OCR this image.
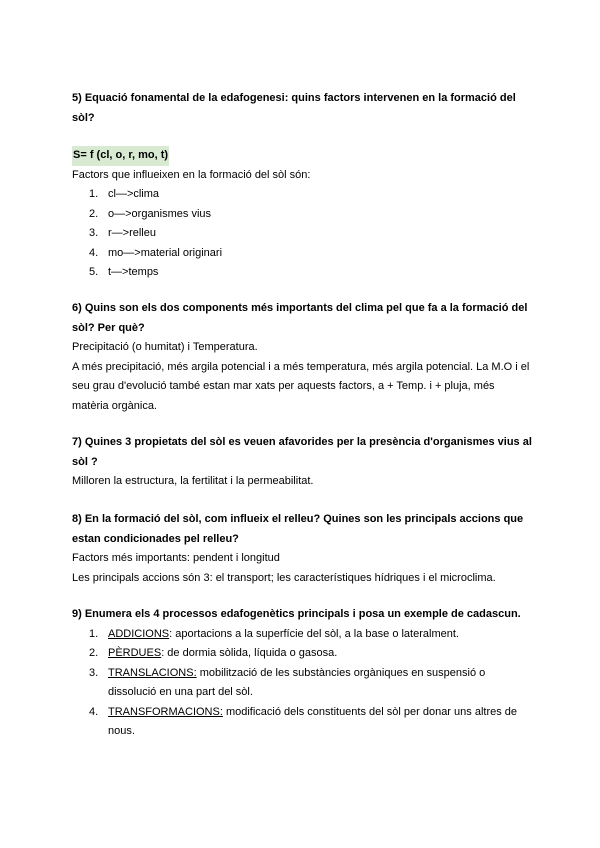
5) Equació fonamental de la edafogenesi: quins factors intervenen en la formació del sòl?
S= f (cl, o, r, mo, t)
Factors que influeixen en la formació del sòl són:
1. cl—>clima
2. o—>organismes vius
3. r—>relleu
4. mo—>material originari
5. t—>temps
6) Quins son els dos components més importants del clima pel que fa a la formació del sòl? Per què?
Precipitació (o humitat) i Temperatura.
A més precipitació, més argila potencial i a més temperatura, més argila potencial. La M.O i el seu grau d'evolució també estan mar xats per aquests factors, a + Temp. i + pluja, més matèria orgànica.
7) Quines 3 propietats del sòl es veuen afavorides per la presència d'organismes vius al sòl ?
Milloren la estructura, la fertilitat i la permeabilitat.
8) En la formació del sòl, com influeix el relleu? Quines son les principals accions que estan condicionades pel relleu?
Factors més importants: pendent i longitud
Les principals accions són 3: el transport; les característiques hídriques i el microclima.
9) Enumera els 4 processos edafogenètics principals i posa un exemple de cadascun.
1. ADDICIONS: aportacions a la superfície del sòl, a la base o lateralment.
2. PÈRDUES: de dormia sòlida, líquida o gasosa.
3. TRANSLACIONS: mobilització de les substàncies orgàniques en suspensió o dissolució en una part del sòl.
4. TRANSFORMACIONS: modificació dels constituents del sòl per donar uns altres de nous.
